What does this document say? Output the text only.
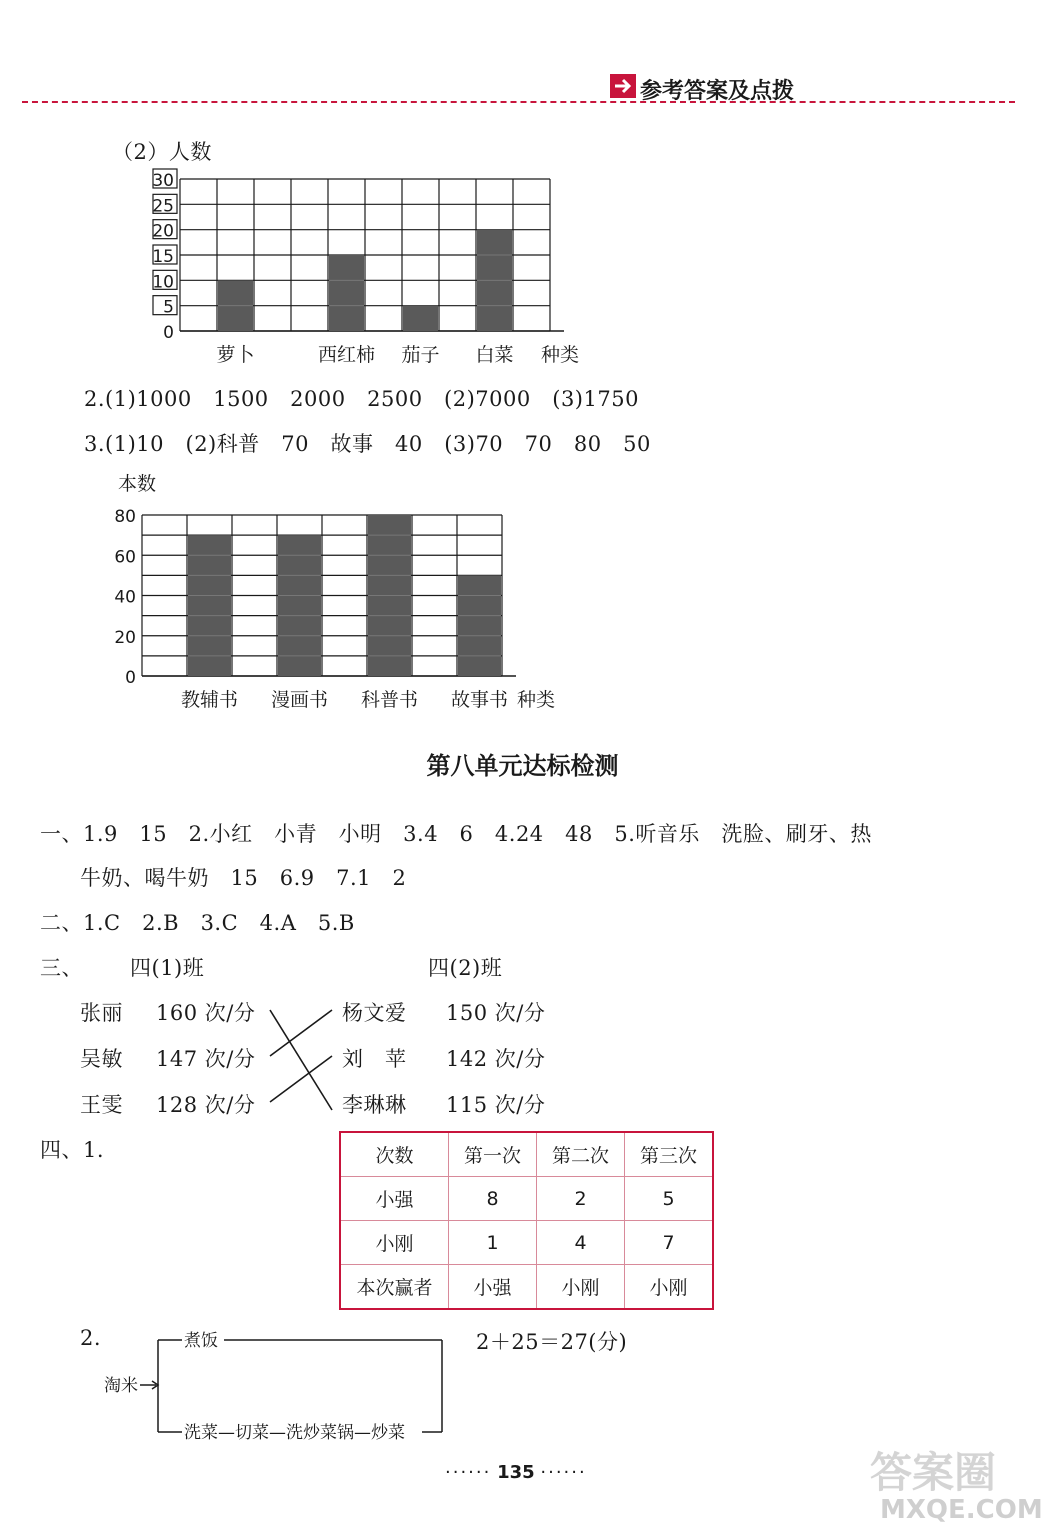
参考答案及点拨
（2）人数
0
5
10
15
20
25
30
萝卜	西红柿 茄子 白菜 种类
2.(1)1000　1500　2000　2500　(2)7000　(3)1750
3.(1)10　(2)科普　70　故事　40　(3)70　70　80　50
0
20
40
60
80
教辅书 漫画书 科普书 故事书 种类
本数
第八单元达标检测
一、1.9　15　2.小红　小青　小明　3.4　6　4.24　48　5.听音乐　洗脸、刷牙、热
牛奶、喝牛奶　15　6.9　7.1　2
二、1.C　2.B　3.C　4.A　5.B
三、 四(1)班	四(2)班
张丽 160 次/分
吴敏 147 次/分
王雯 128 次/分
杨文爱 150 次/分
刘　苹 142 次/分
李琳琳 115 次/分
四、1.	次数	第一次	第二次	第三次
小强	8	2	5
小刚	1	4	7
本次赢者	小强	小刚	小刚
2.	2＋25＝27(分)
淘米
煮饭
洗菜—切菜—洗炒菜锅—炒菜
······ 135 ······	答案圈
MXQE.COM
